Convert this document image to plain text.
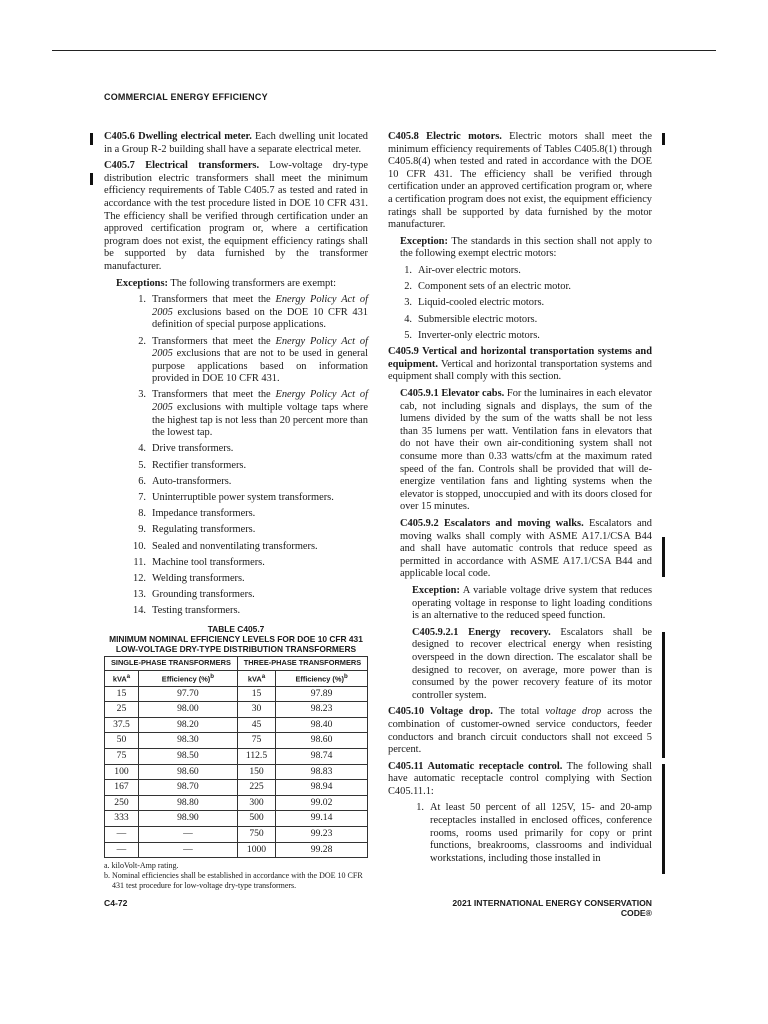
COMMERCIAL ENERGY EFFICIENCY

C405.6 Dwelling electrical meter. Each dwelling unit located in a Group R-2 building shall have a separate electrical meter.

C405.7 Electrical transformers. Low-voltage dry-type distribution electric transformers shall meet the minimum efficiency requirements of Table C405.7 as tested and rated in accordance with the test procedure listed in DOE 10 CFR 431. The efficiency shall be verified through certification under an approved certification program or, where a certification program does not exist, the equipment efficiency ratings shall be supported by data furnished by the transformer manufacturer.

Exceptions: The following transformers are exempt:

1. Transformers that meet the Energy Policy Act of 2005 exclusions based on the DOE 10 CFR 431 definition of special purpose applications.
2. Transformers that meet the Energy Policy Act of 2005 exclusions that are not to be used in general purpose applications based on information provided in DOE 10 CFR 431.
3. Transformers that meet the Energy Policy Act of 2005 exclusions with multiple voltage taps where the highest tap is not less than 20 percent more than the lowest tap.
4. Drive transformers.
5. Rectifier transformers.
6. Auto-transformers.
7. Uninterruptible power system transformers.
8. Impedance transformers.
9. Regulating transformers.
10. Sealed and nonventilating transformers.
11. Machine tool transformers.
12. Welding transformers.
13. Grounding transformers.
14. Testing transformers.
TABLE C405.7
MINIMUM NOMINAL EFFICIENCY LEVELS FOR DOE 10 CFR 431
LOW-VOLTAGE DRY-TYPE DISTRIBUTION TRANSFORMERS
SINGLE-PHASE TRANSFORMERS		THREE-PHASE TRANSFORMERS	
kVA$^a$	Efficiency (%)$^b$	kVA$^a$	Efficiency (%)$^b$
15	97.70	15	97.89
25	98.00	30	98.23
37.5	98.20	45	98.40
50	98.30	75	98.60
75	98.50	112.5	98.74
100	98.60	150	98.83
167	98.70	225	98.94
250	98.80	300	99.02
333	98.90	500	99.14
—	—	750	99.23
—	—	1000	99.28
a. kiloVolt-Amp rating.
b. Nominal efficiencies shall be established in accordance with the DOE 10 CFR 431 test procedure for low-voltage dry-type transformers.

C405.8 Electric motors. Electric motors shall meet the minimum efficiency requirements of Tables C405.8(1) through C405.8(4) when tested and rated in accordance with the DOE 10 CFR 431. The efficiency shall be verified through certification under an approved certification program or, where a certification program does not exist, the equipment efficiency ratings shall be supported by data furnished by the motor manufacturer.

Exception: The standards in this section shall not apply to the following exempt electric motors:

1. Air-over electric motors.
2. Component sets of an electric motor.
3. Liquid-cooled electric motors.
4. Submersible electric motors.
5. Inverter-only electric motors.

C405.9 Vertical and horizontal transportation systems and equipment. Vertical and horizontal transportation systems and equipment shall comply with this section.

C405.9.1 Elevator cabs. For the luminaires in each elevator cab, not including signals and displays, the sum of the lumens divided by the sum of the watts shall be not less than 35 lumens per watt. Ventilation fans in elevators that do not have their own air-conditioning system shall not consume more than 0.33 watts/cfm at the maximum rated speed of the fan. Controls shall be provided that will de-energize ventilation fans and lighting systems when the elevator is stopped, unoccupied and with its doors closed for over 15 minutes.

C405.9.2 Escalators and moving walks. Escalators and moving walks shall comply with ASME A17.1/CSA B44 and shall have automatic controls that reduce speed as permitted in accordance with ASME A17.1/CSA B44 and applicable local code.

Exception: A variable voltage drive system that reduces operating voltage in response to light loading conditions is an alternative to the reduced speed function.

C405.9.2.1 Energy recovery. Escalators shall be designed to recover electrical energy when resisting overspeed in the down direction. The escalator shall be designed to recover, on average, more power than is consumed by the power recovery feature of its motor controller system.

C405.10 Voltage drop. The total voltage drop across the combination of customer-owned service conductors, feeder conductors and branch circuit conductors shall not exceed 5 percent.

C405.11 Automatic receptacle control. The following shall have automatic receptacle control complying with Section C405.11.1:

1. At least 50 percent of all 125V, 15- and 20-amp receptacles installed in enclosed offices, conference rooms, rooms used primarily for copy or print functions, breakrooms, classrooms and individual workstations, including those installed in
C4-72	2021 INTERNATIONAL ENERGY CONSERVATION CODE®
